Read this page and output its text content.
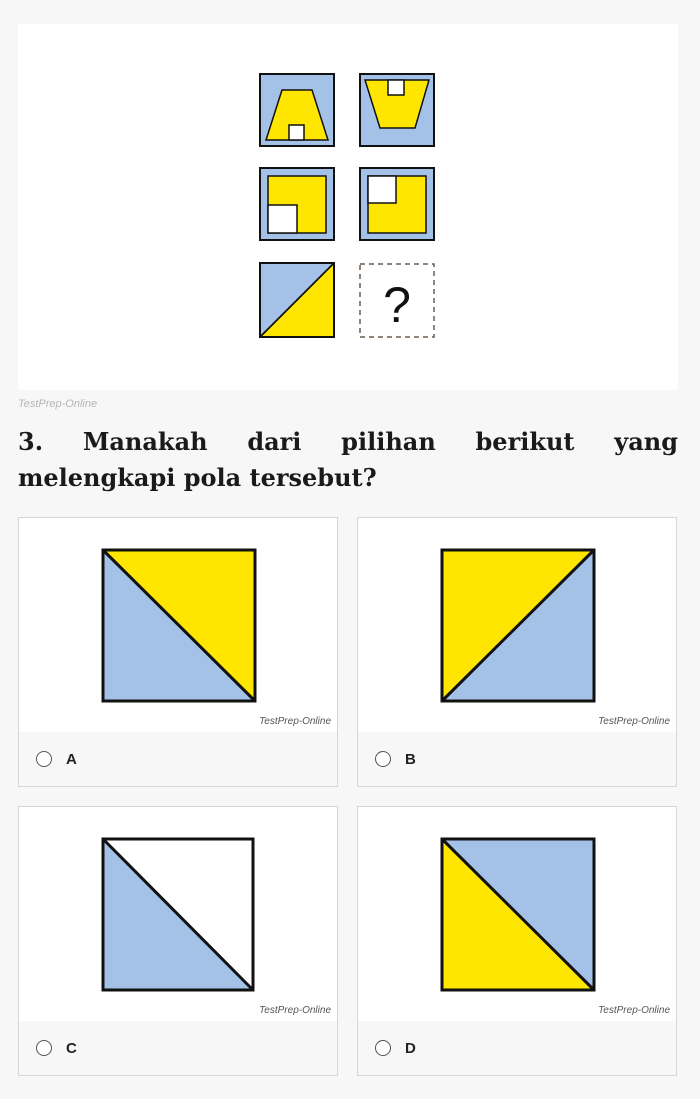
?
TestPrep-Online

3. Manakah dari pilihan berikut yang melengkapi pola tersebut?

TestPrep-Online
A
TestPrep-Online
B
TestPrep-Online
C
TestPrep-Online
D
